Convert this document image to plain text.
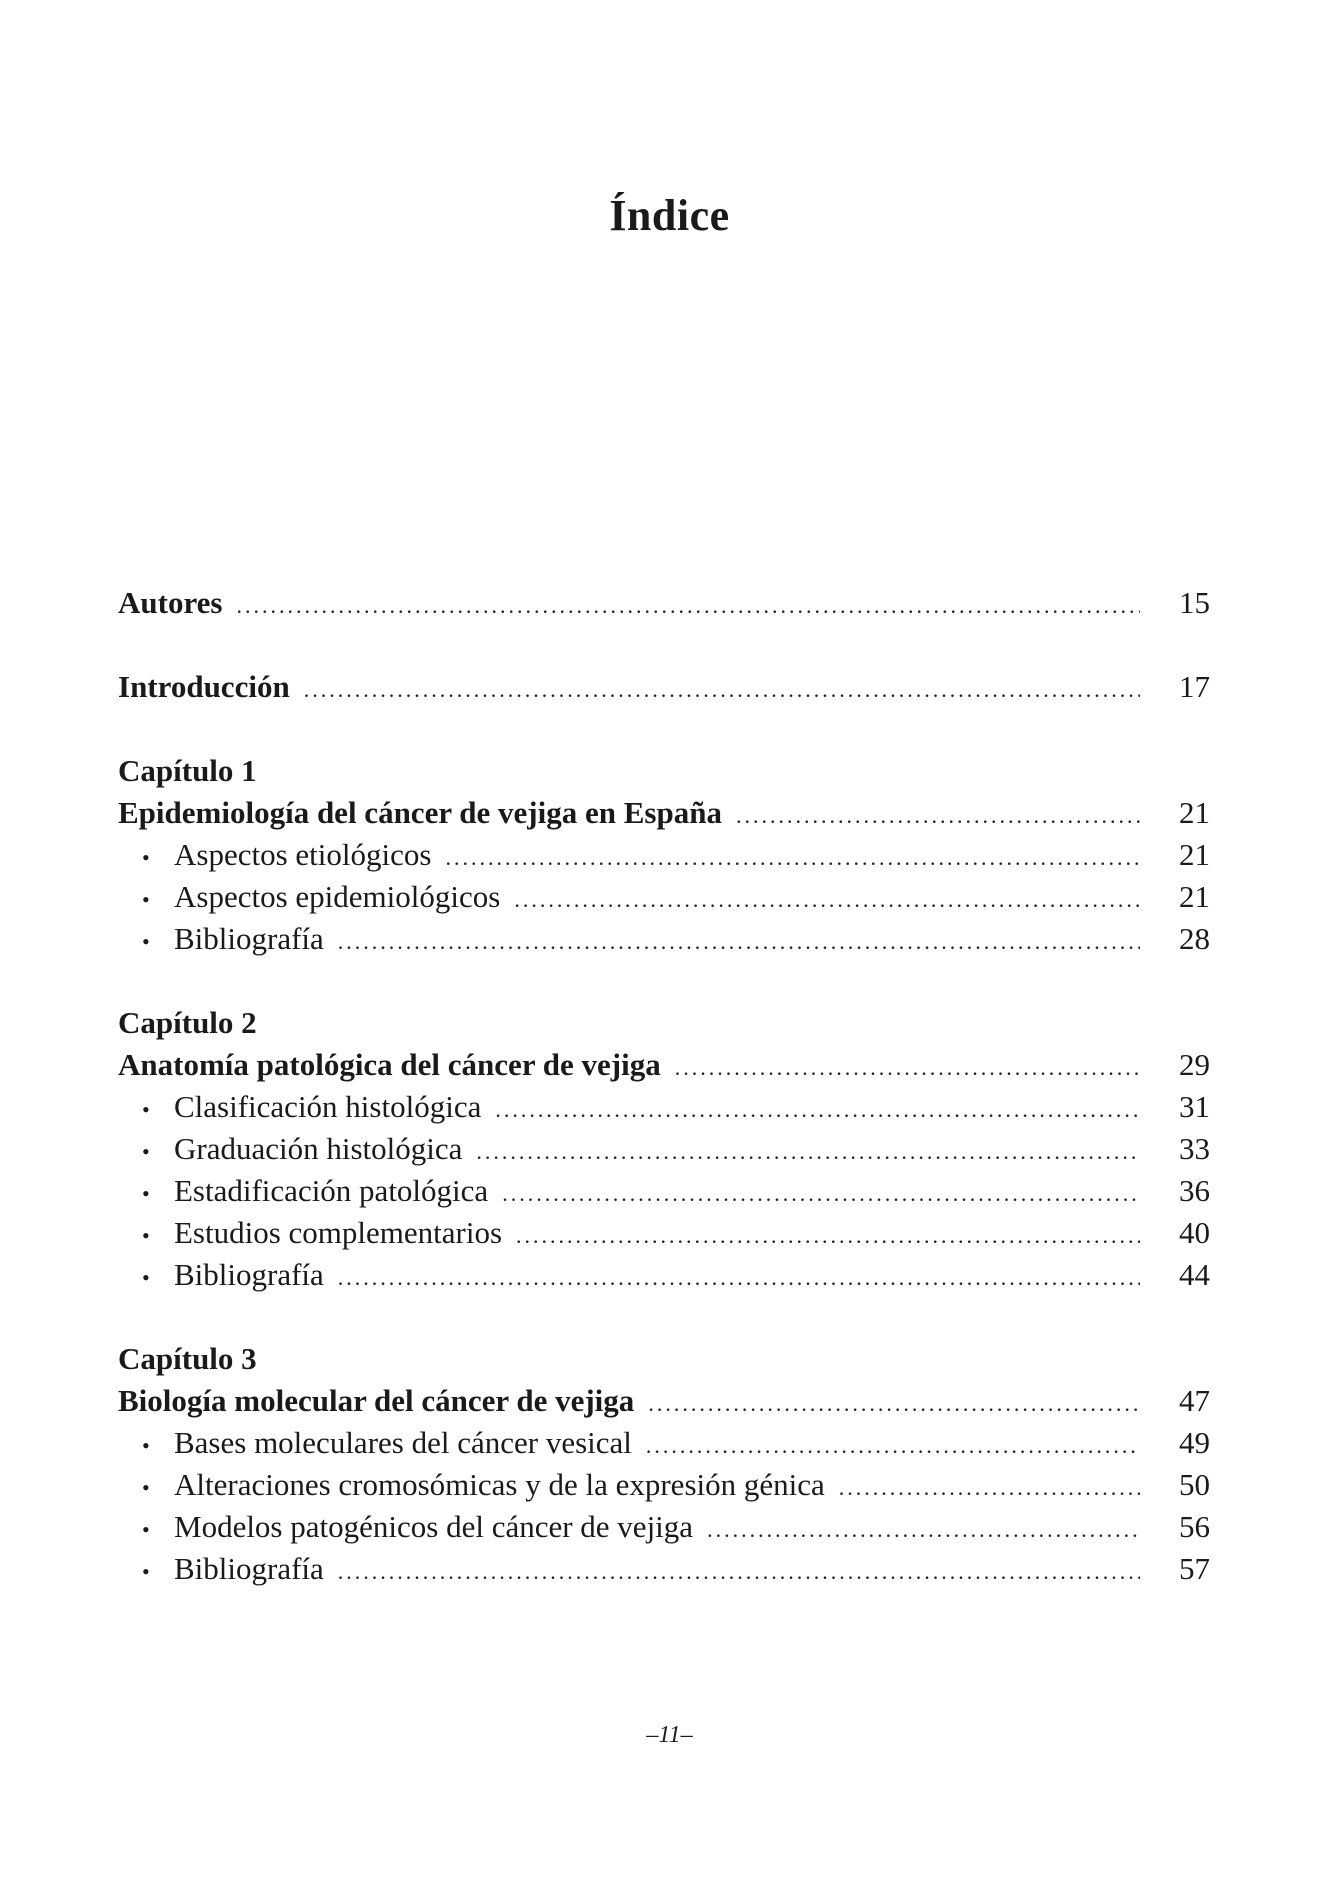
Índice
Autores .....	15
Introducción .....	17
Capítulo 1
Epidemiología del cáncer de vejiga en España .....	21
• Aspectos etiológicos .....	21
• Aspectos epidemiológicos .....	21
• Bibliografía .....	28
Capítulo 2
Anatomía patológica del cáncer de vejiga .....	29
• Clasificación histológica .....	31
• Graduación histológica .....	33
• Estadificación patológica .....	36
• Estudios complementarios .....	40
• Bibliografía .....	44
Capítulo 3
Biología molecular del cáncer de vejiga .....	47
• Bases moleculares del cáncer vesical .....	49
• Alteraciones cromosómicas y de la expresión génica .....	50
• Modelos patogénicos del cáncer de vejiga .....	56
• Bibliografía .....	57
–11–
